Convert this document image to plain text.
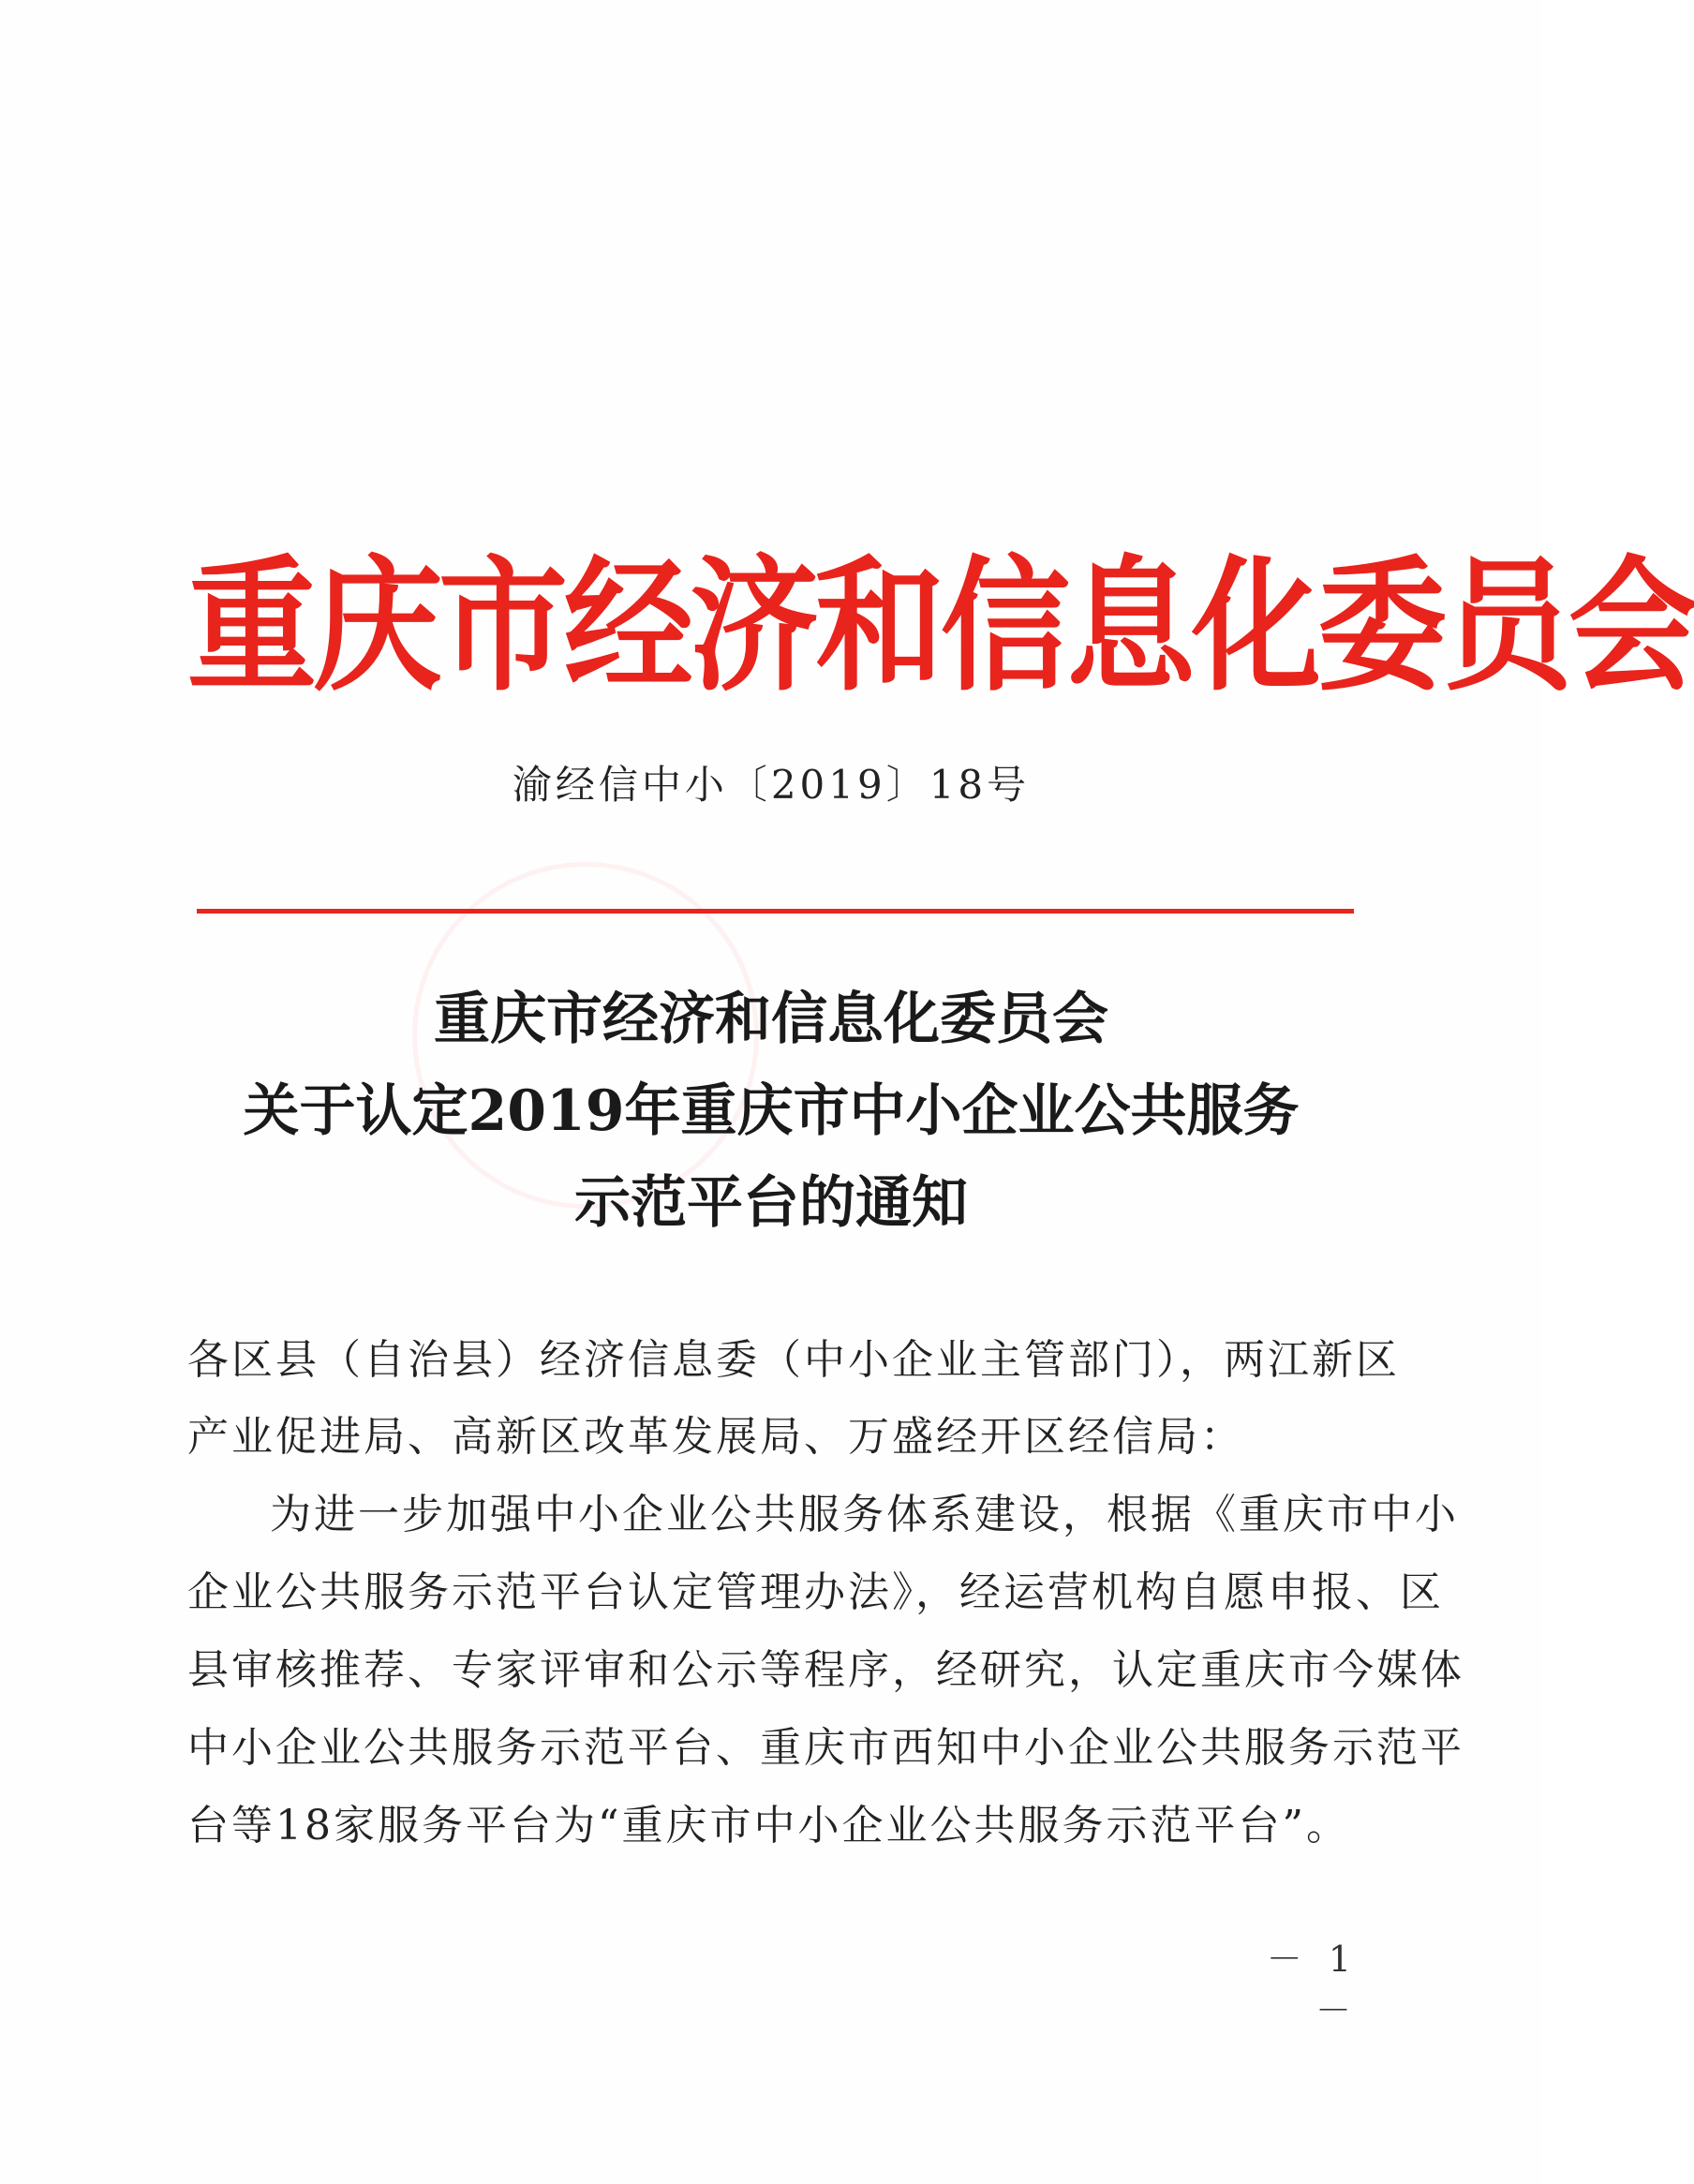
重庆市经济和信息化委员会
渝经信中小〔2019〕18号
重庆市经济和信息化委员会
关于认定2019年重庆市中小企业公共服务
示范平台的通知
各区县（自治县）经济信息委（中小企业主管部门），两江新区
产业促进局、高新区改革发展局、万盛经开区经信局：
为进一步加强中小企业公共服务体系建设，根据《重庆市中小
企业公共服务示范平台认定管理办法》，经运营机构自愿申报、区
县审核推荐、专家评审和公示等程序，经研究，认定重庆市今媒体
中小企业公共服务示范平台、重庆市西知中小企业公共服务示范平
台等18家服务平台为“重庆市中小企业公共服务示范平台”。
－ 1 －
